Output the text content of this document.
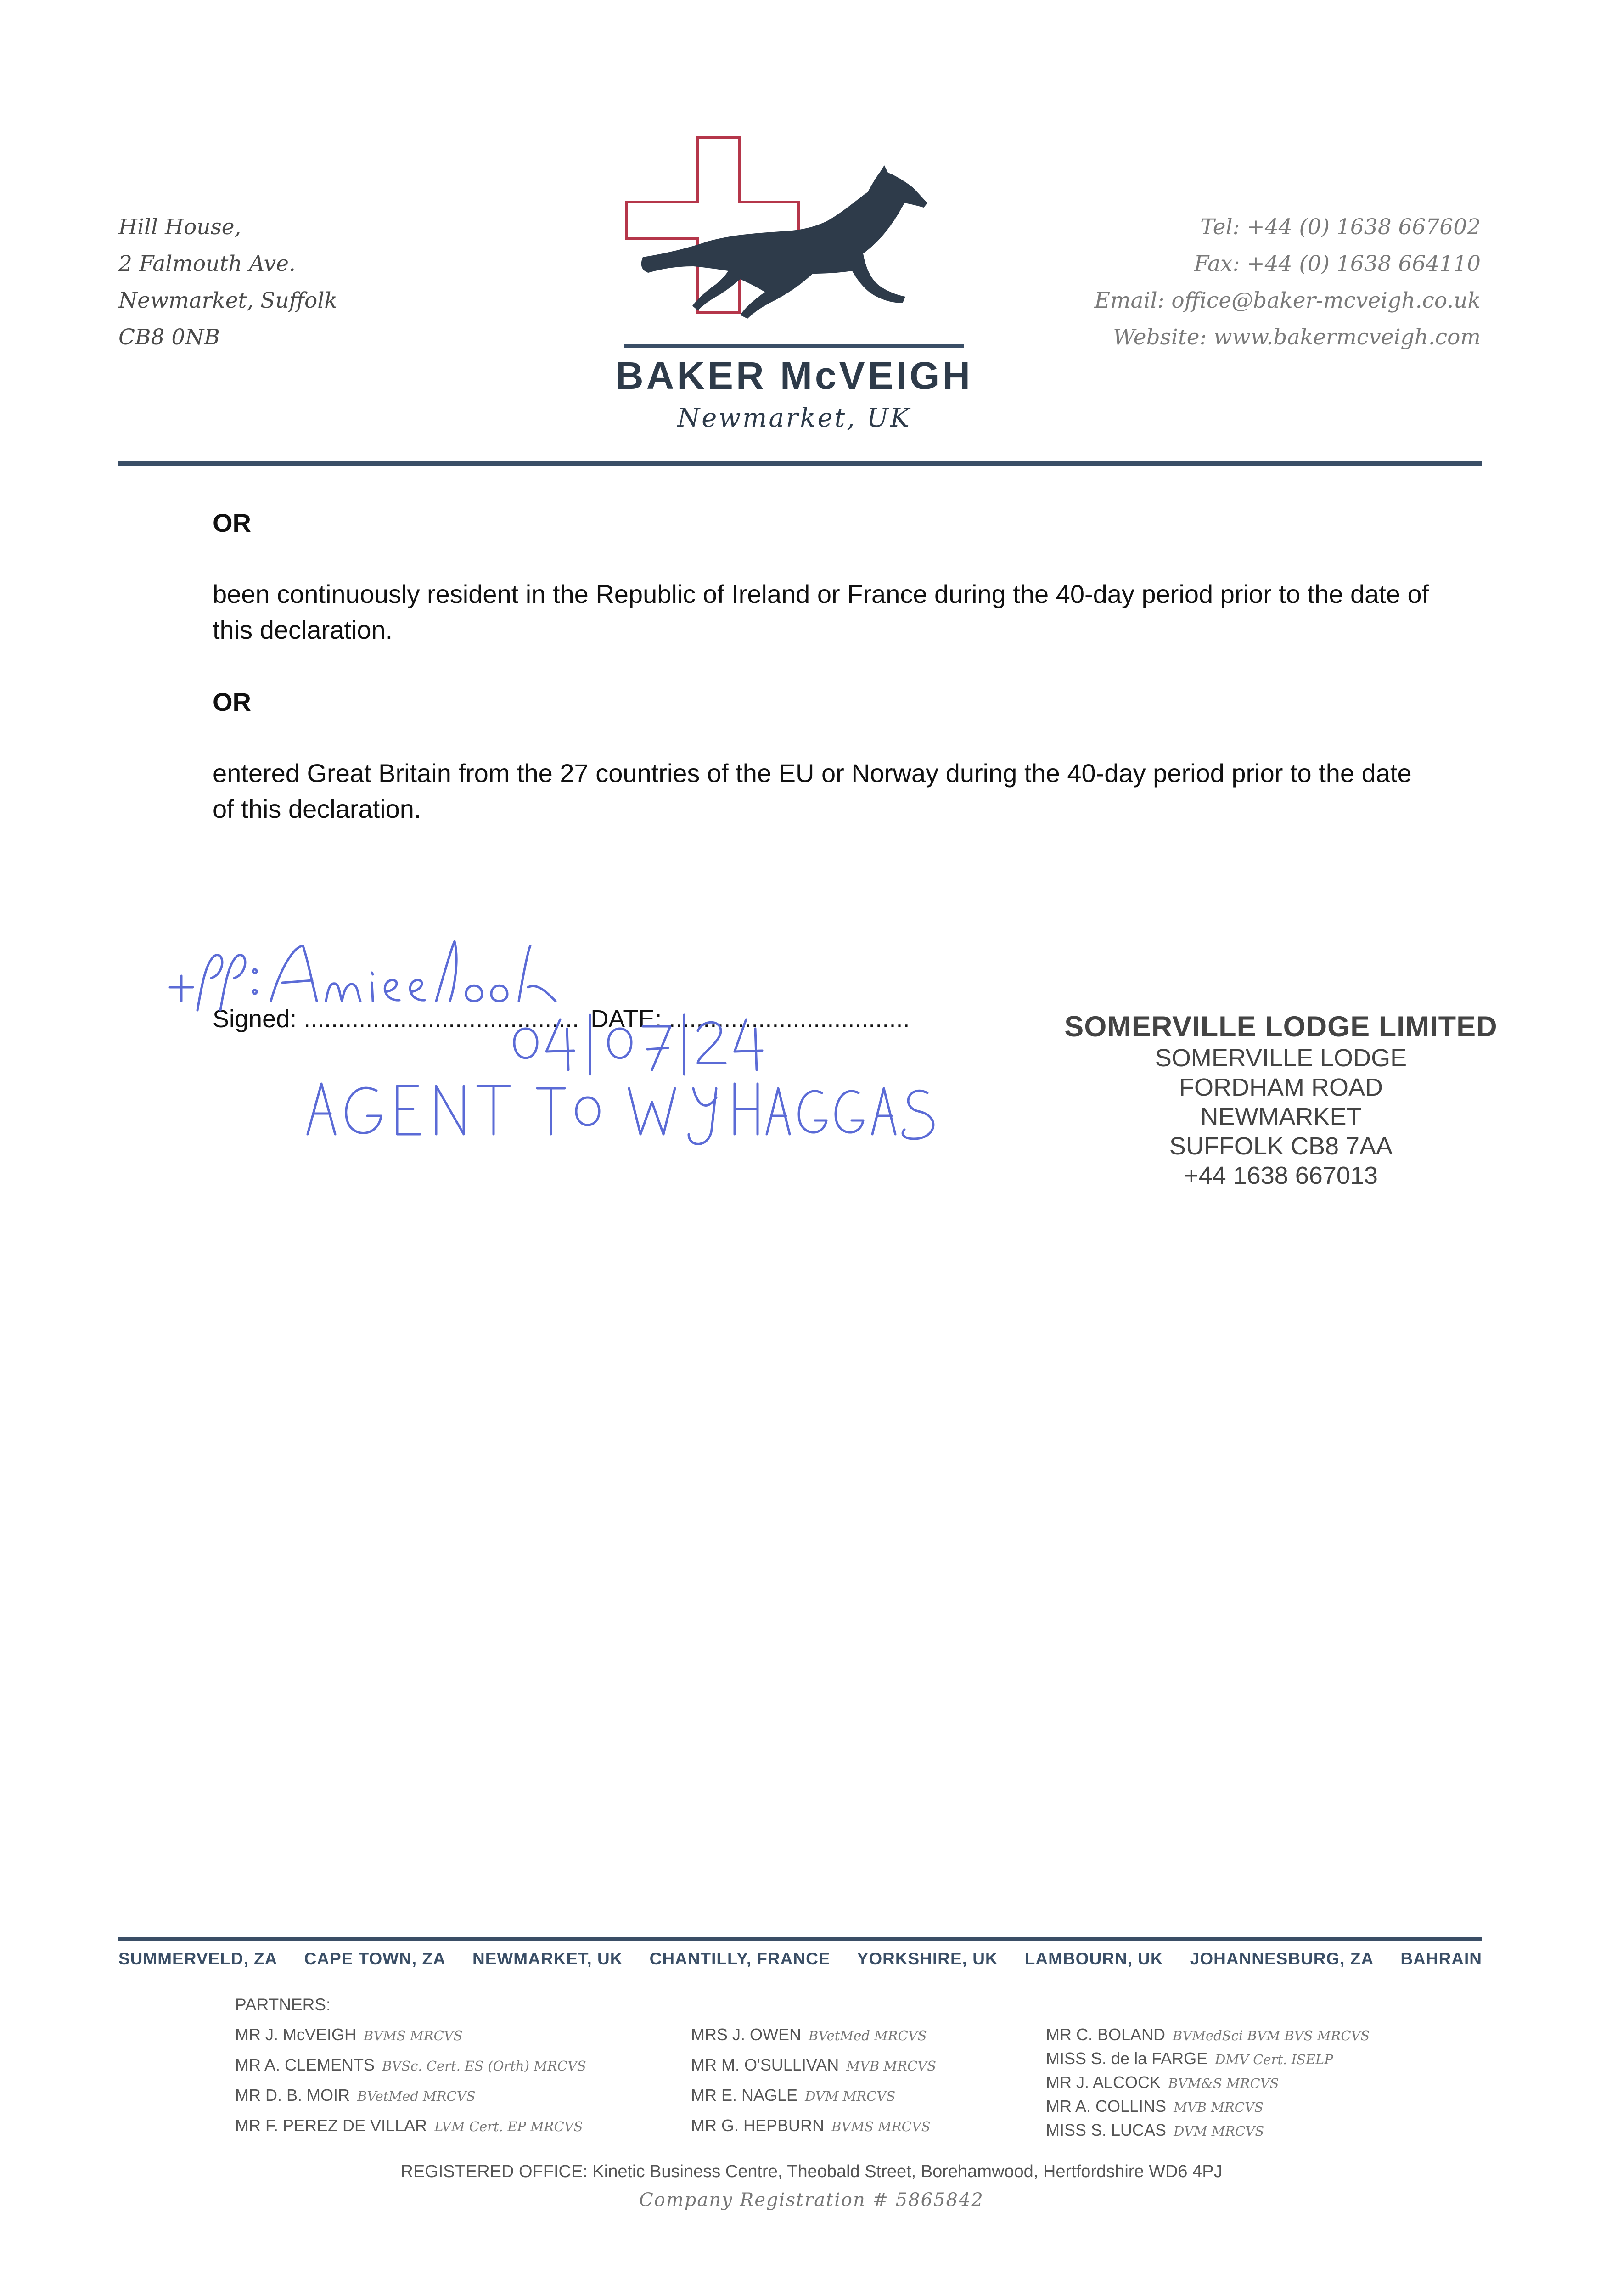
Hill House,
2 Falmouth Ave.
Newmarket, Suffolk
CB8 0NB
BAKER McVEIGH
Newmarket, UK
Tel: +44 (0) 1638 667602
Fax: +44 (0) 1638 664110
Email: office@baker-mcveigh.co.uk
Website: www.bakermcveigh.com
OR
been continuously resident in the Republic of Ireland or France during the 40-day period prior to the date of this declaration.
OR
entered Great Britain from the 27 countries of the EU or Norway during the 40-day period prior to the date of this declaration.
Signed: ........................................ DATE: ...................................	SOMERVILLE LODGE LIMITED
SOMERVILLE LODGE
FORDHAM ROAD
NEWMARKET
SUFFOLK CB8 7AA
+44 1638 667013
SUMMERVELD, ZA CAPE TOWN, ZA NEWMARKET, UK CHANTILLY, FRANCE YORKSHIRE, UK LAMBOURN, UK JOHANNESBURG, ZA BAHRAIN
PARTNERS:
MR J. McVEIGH BVMS MRCVS
MR A. CLEMENTS BVSc. Cert. ES (Orth) MRCVS
MR D. B. MOIR BVetMed MRCVS
MR F. PEREZ DE VILLAR LVM Cert. EP MRCVS
MRS J. OWEN BVetMed MRCVS
MR M. O'SULLIVAN MVB MRCVS
MR E. NAGLE DVM MRCVS
MR G. HEPBURN BVMS MRCVS
MR C. BOLAND BVMedSci BVM BVS MRCVS
MISS S. de la FARGE DMV Cert. ISELP
MR J. ALCOCK BVM&S MRCVS
MR A. COLLINS MVB MRCVS
MISS S. LUCAS DVM MRCVS
REGISTERED OFFICE: Kinetic Business Centre, Theobald Street, Borehamwood, Hertfordshire WD6 4PJ
Company Registration # 5865842
